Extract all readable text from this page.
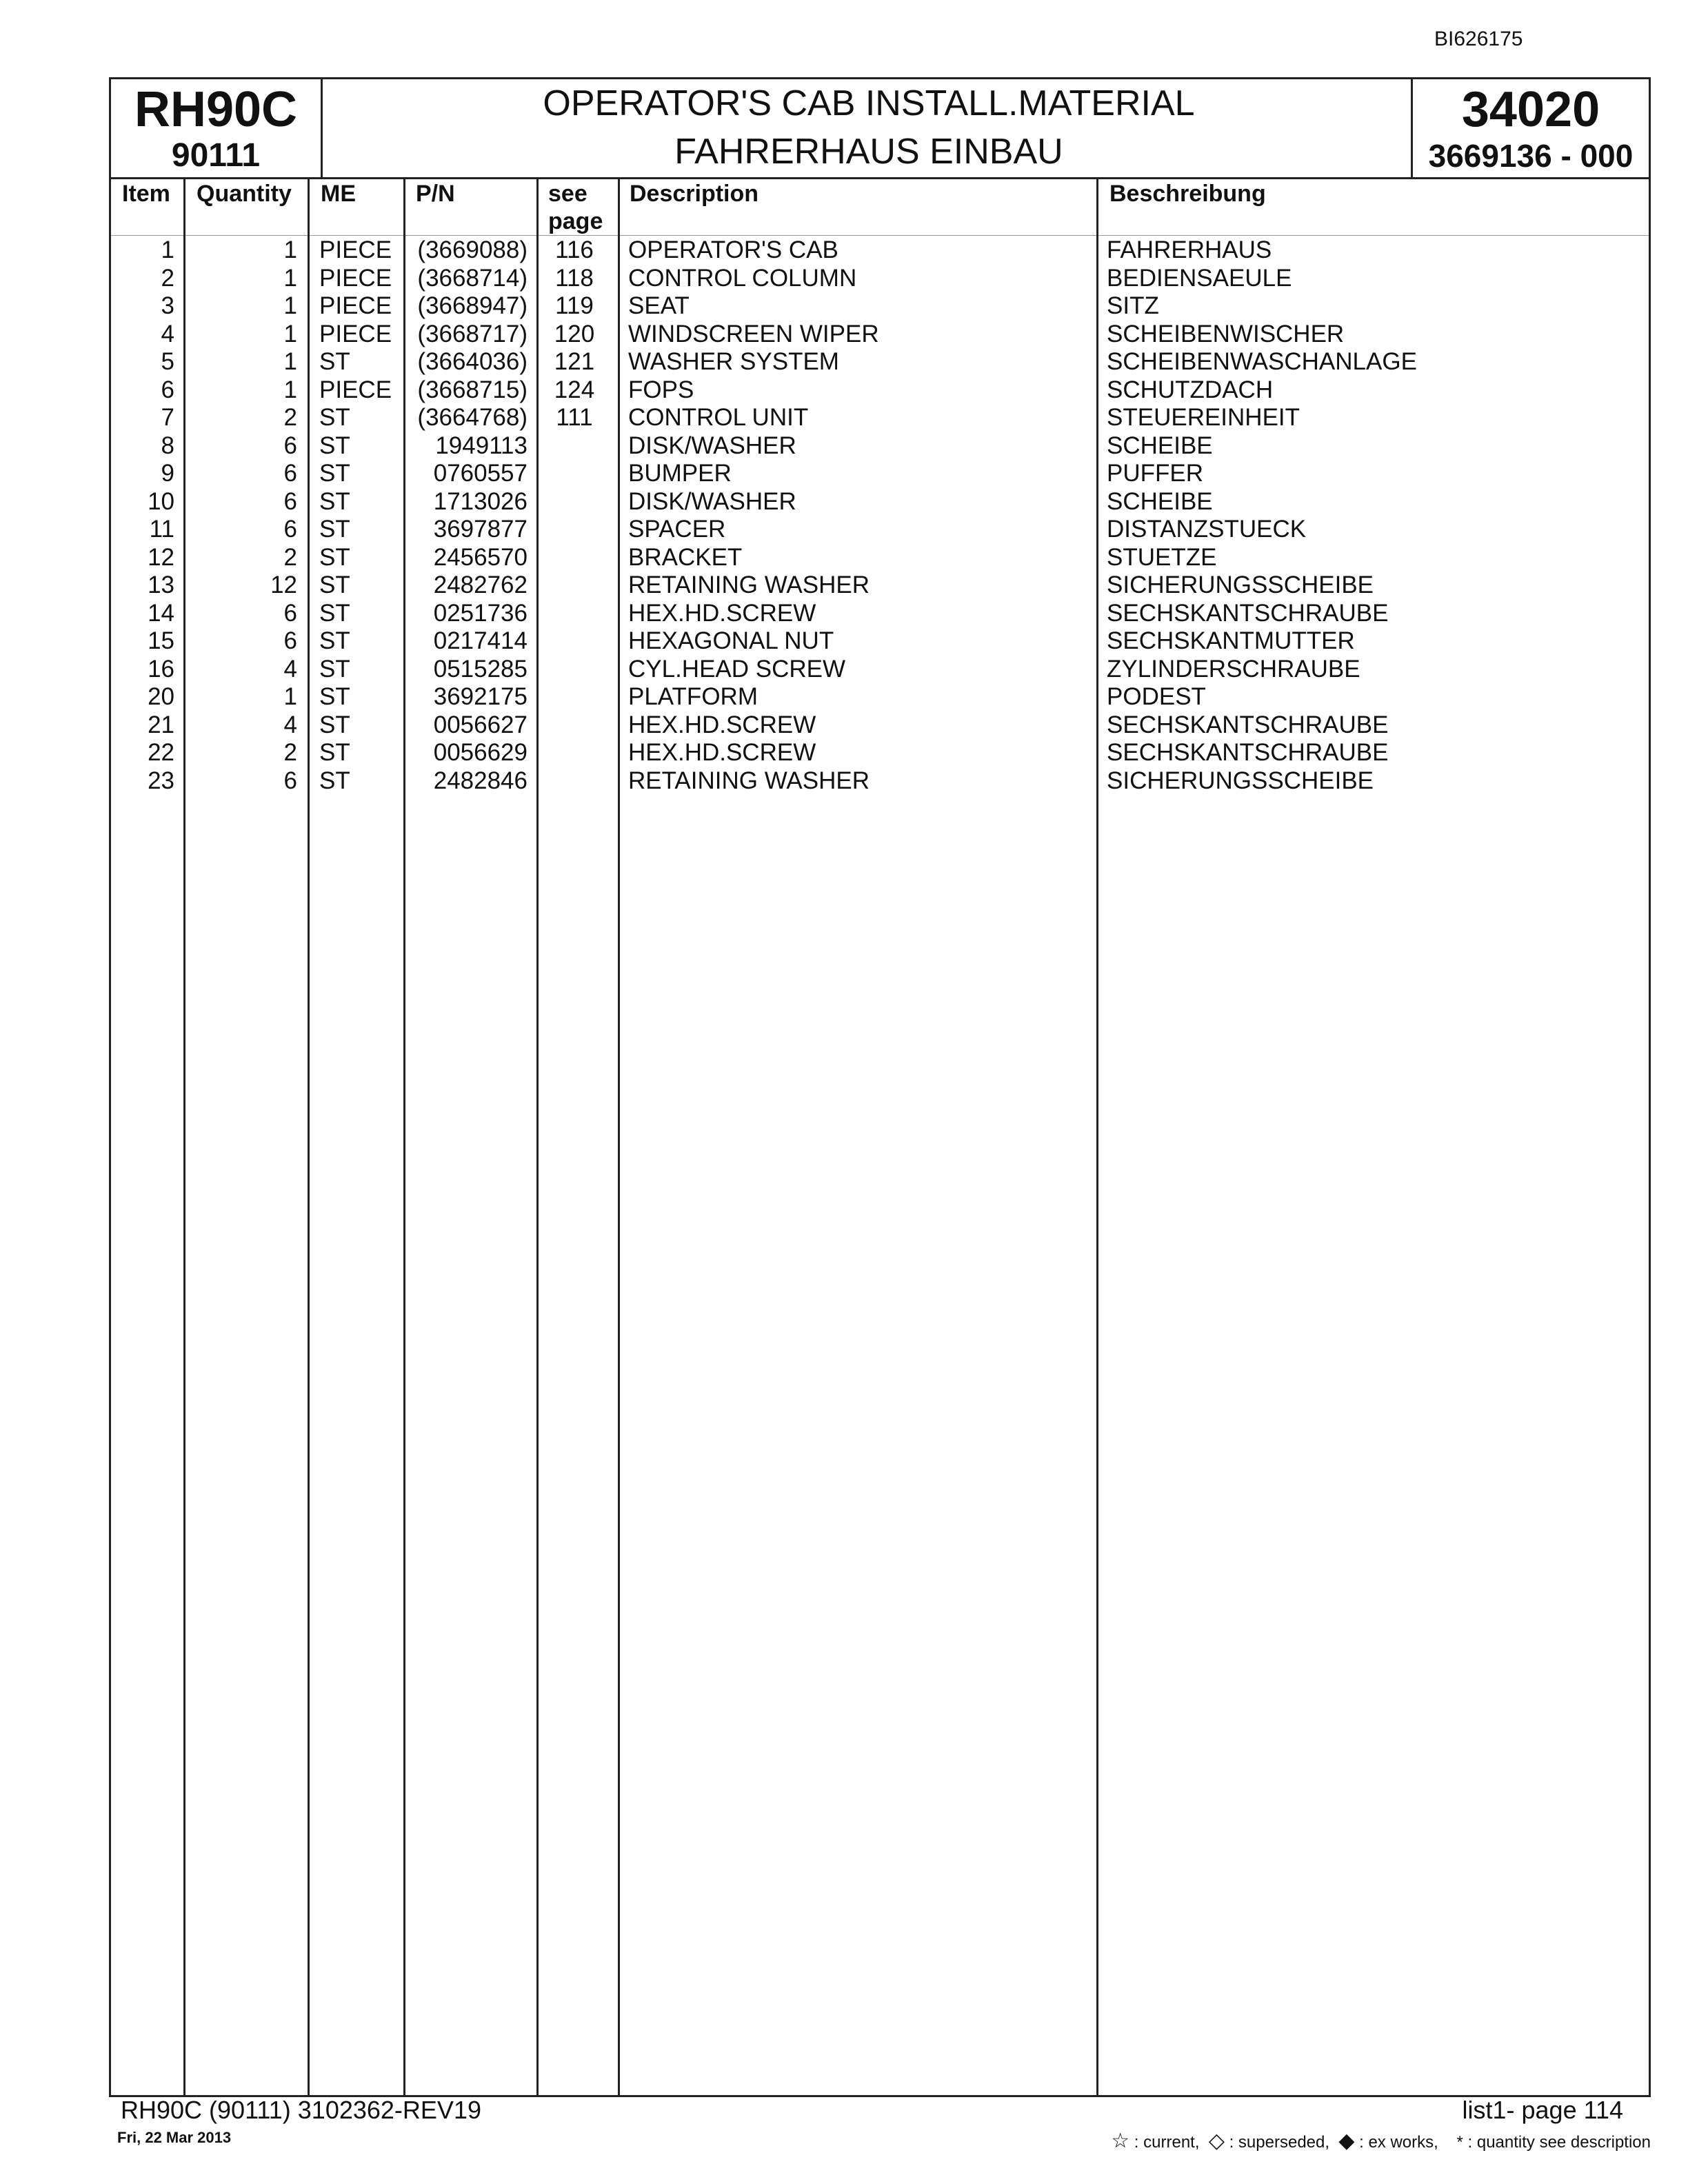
BI626175
RH90C
90111
OPERATOR'S CAB INSTALL.MATERIAL
FAHRERHAUS EINBAU
34020
3669136 - 000
Item Quantity ME	P/N	see
page
Description	Beschreibung
1	1 PIECE	(3669088)	116	OPERATOR'S CAB	FAHRERHAUS
2	1 PIECE	(3668714)	118	CONTROL COLUMN	BEDIENSAEULE
3	1 PIECE	(3668947)	119	SEAT	SITZ
4	1 PIECE	(3668717)	120	WINDSCREEN WIPER	SCHEIBENWISCHER
5	1 ST	(3664036)	121	WASHER SYSTEM	SCHEIBENWASCHANLAGE
6	1 PIECE	(3668715)	124	FOPS	SCHUTZDACH
7	2 ST	(3664768)	111	CONTROL UNIT	STEUEREINHEIT
8	6 ST	1949113	DISK/WASHER	SCHEIBE
9	6 ST	0760557	BUMPER	PUFFER
10	6 ST	1713026	DISK/WASHER	SCHEIBE
11	6 ST	3697877	SPACER	DISTANZSTUECK
12	2 ST	2456570	BRACKET	STUETZE
13	12 ST	2482762	RETAINING WASHER	SICHERUNGSSCHEIBE
14	6 ST	0251736	HEX.HD.SCREW	SECHSKANTSCHRAUBE
15	6 ST	0217414	HEXAGONAL NUT	SECHSKANTMUTTER
16	4 ST	0515285	CYL.HEAD SCREW	ZYLINDERSCHRAUBE
20	1 ST	3692175	PLATFORM	PODEST
21	4 ST	0056627	HEX.HD.SCREW	SECHSKANTSCHRAUBE
22	2 ST	0056629	HEX.HD.SCREW	SECHSKANTSCHRAUBE
23	6 ST	2482846	RETAINING WASHER	SICHERUNGSSCHEIBE
RH90C (90111) 3102362-REV19
Fri, 22 Mar 2013
list1- page 114
☆ : current, ◇ : superseded, ◆ : ex works, * : quantity see description
